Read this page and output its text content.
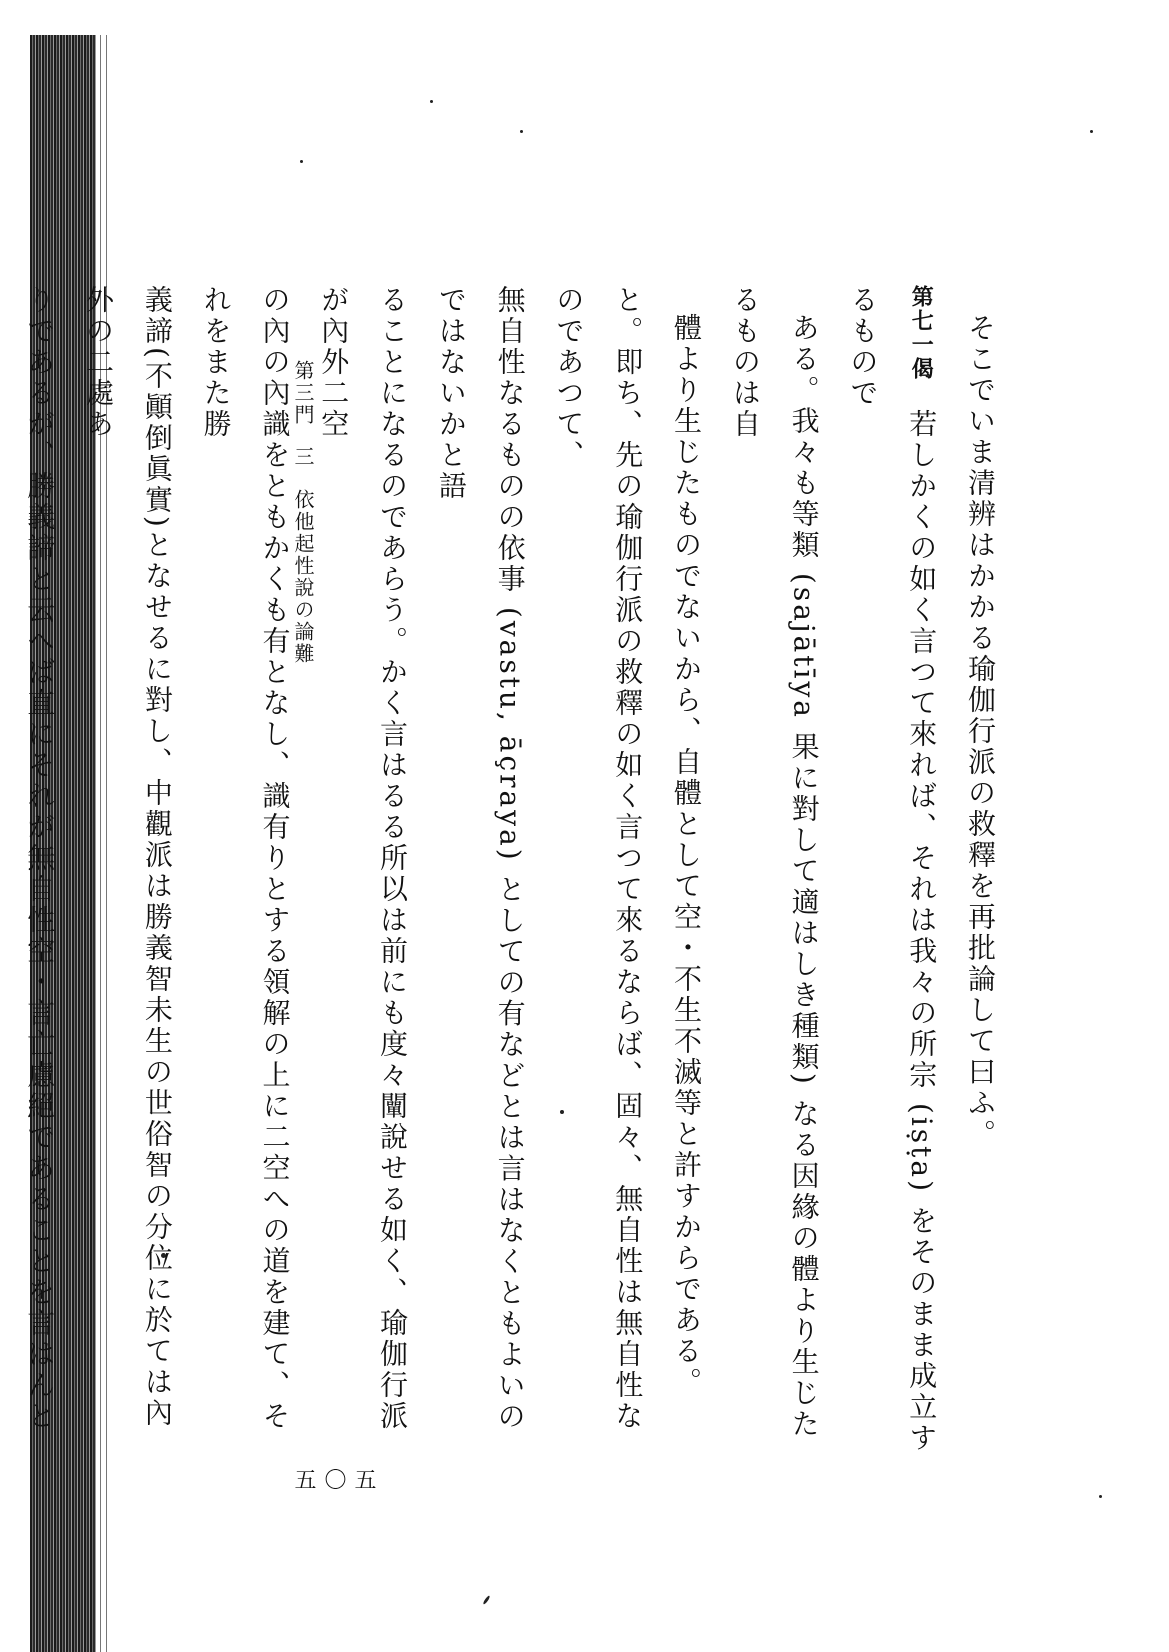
そこでいま清辨はかかる瑜伽行派の救釋を再批論して曰ふ。

第七一偈若しかくの如く言つて來れば、それは我々の所宗 (iṣṭa) をそのまま成立するもので

ある。我々も等類 (sajātīya 果に對して適はしき種類) なる因緣の體より生じたるものは自

體より生じたものでないから、自體として空・不生不滅等と許すからである。

と。即ち、先の瑜伽行派の救釋の如く言つて來るならば、固々、無自性は無自性なのであつて、

無自性なるものの依事 (vastu, āçraya) としての有などとは言はなくともよいのではないかと語

ることになるのであらう。かく言はるる所以は前にも度々闡說せる如く、瑜伽行派が內外二空

の內の內識をともかくも有となし、識有りとする領解の上に二空への道を建て、それをまた勝

義諦(不顚倒眞實)となせるに對し、中觀派は勝義智未生の世俗智の分位に於ては內外の二處あ

りであるが、勝義諦と云へば直にそれが無自性空・言亡慮絕であることを言はんと

第三門 三 依他起性說の論難
五〇五
